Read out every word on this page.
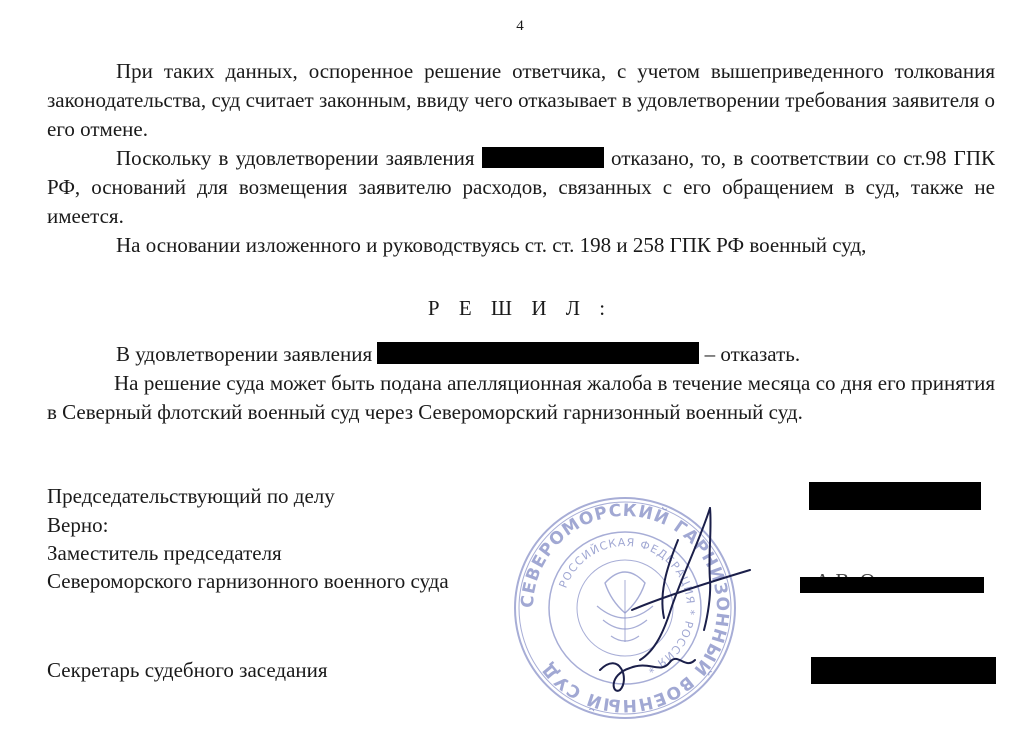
4

При таких данных, оспоренное решение ответчика, с учетом вышеприведенного толкования законодательства, суд считает законным, ввиду чего отказывает в удовлетворении требования заявителя о его отмене.

Поскольку в удовлетворении заявления	отказано, то, в соответствии со ст.98 ГПК РФ, оснований для возмещения заявителю расходов, связанных с его обращением в суд, также не имеется.

На основании изложенного и руководствуясь ст. ст. 198 и 258 ГПК РФ военный суд,

Р Е Ш И Л :

В удовлетворении заявления	– отказать.

На решение суда может быть подана апелляционная жалоба в течение месяца со дня его принятия в Северный флотский военный суд через Североморский гарнизонный военный суд.

Председательствующий по делу
Верно:
Заместитель председателя
Североморского гарнизонного военного суда
Секретарь судебного заседания
СЕВЕРОМОРСКИЙ ГАРНИЗОННЫЙ ВОЕННЫЙ СУД
РОССИЙСКАЯ ФЕДЕРАЦИЯ * РОССИЯ *
